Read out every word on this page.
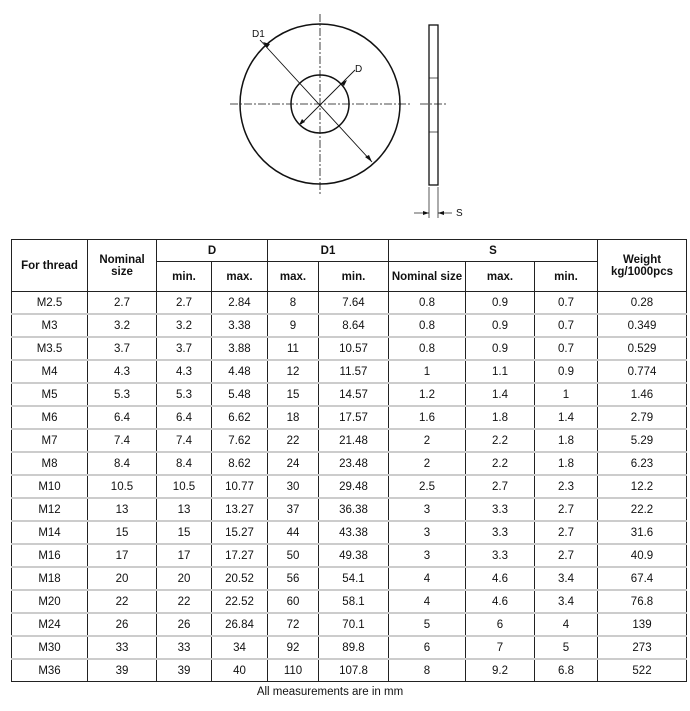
D1
D
S
For thread	Nominal size	D		D1		S			Weight kg/1000pcs
		min.	max.	max.	min.	Nominal size	max.	min.	
M2.5	2.7	2.7	2.84	8	7.64	0.8	0.9	0.7	0.28
M3	3.2	3.2	3.38	9	8.64	0.8	0.9	0.7	0.349
M3.5	3.7	3.7	3.88	11	10.57	0.8	0.9	0.7	0.529
M4	4.3	4.3	4.48	12	11.57	1	1.1	0.9	0.774
M5	5.3	5.3	5.48	15	14.57	1.2	1.4	1	1.46
M6	6.4	6.4	6.62	18	17.57	1.6	1.8	1.4	2.79
M7	7.4	7.4	7.62	22	21.48	2	2.2	1.8	5.29
M8	8.4	8.4	8.62	24	23.48	2	2.2	1.8	6.23
M10	10.5	10.5	10.77	30	29.48	2.5	2.7	2.3	12.2
M12	13	13	13.27	37	36.38	3	3.3	2.7	22.2
M14	15	15	15.27	44	43.38	3	3.3	2.7	31.6
M16	17	17	17.27	50	49.38	3	3.3	2.7	40.9
M18	20	20	20.52	56	54.1	4	4.6	3.4	67.4
M20	22	22	22.52	60	58.1	4	4.6	3.4	76.8
M24	26	26	26.84	72	70.1	5	6	4	139
M30	33	33	34	92	89.8	6	7	5	273
M36	39	39	40	110	107.8	8	9.2	6.8	522
All measurements are in mm
